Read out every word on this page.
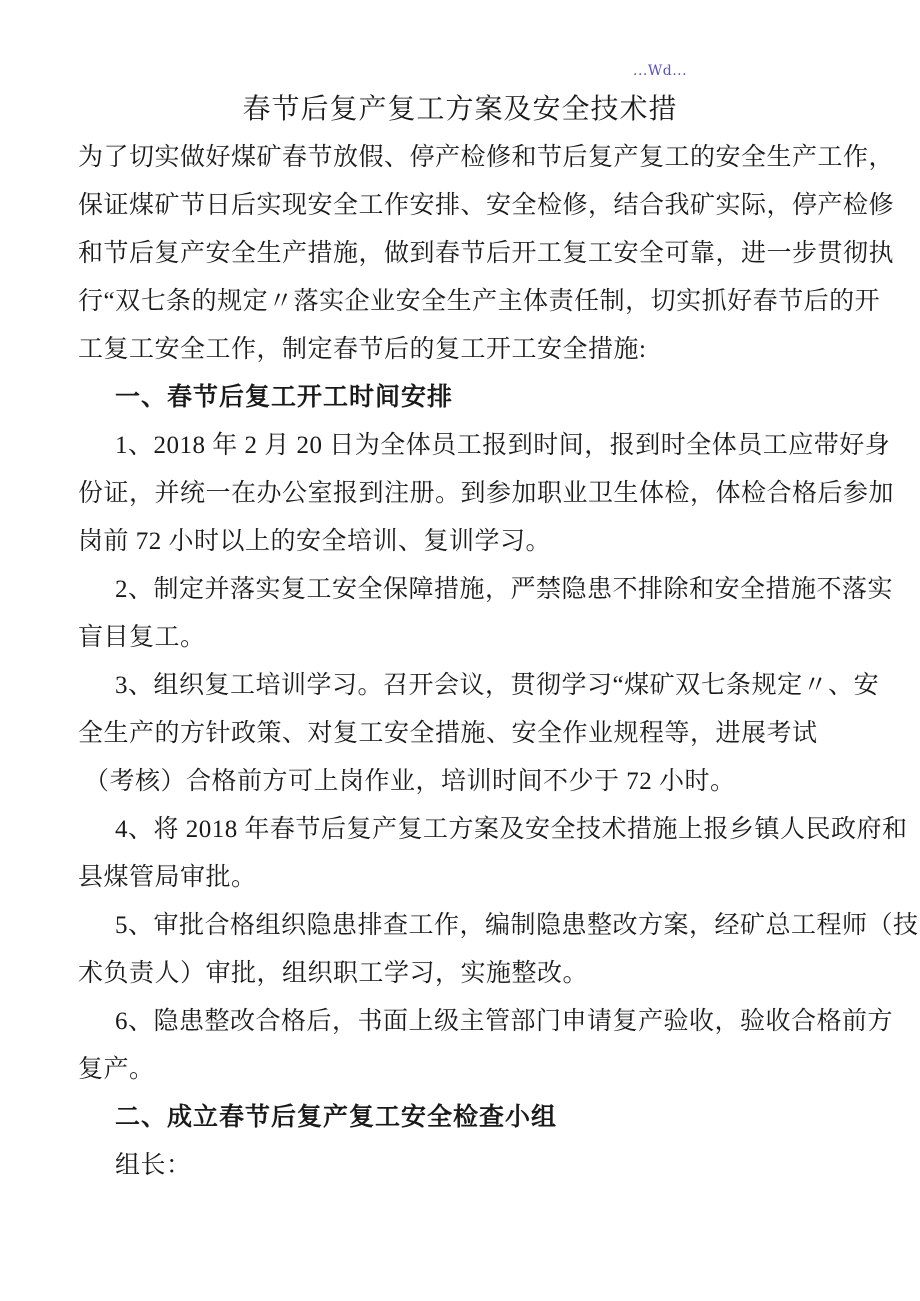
...Wd...
春节后复产复工方案及安全技术措
为了切实做好煤矿春节放假、停产检修和节后复产复工的安全生产工作，
保证煤矿节日后实现安全工作安排、安全检修，结合我矿实际，停产检修
和节后复产安全生产措施，做到春节后开工复工安全可靠，进一步贯彻执
行“双七条的规定〃落实企业安全生产主体责任制，切实抓好春节后的开
工复工安全工作，制定春节后的复工开工安全措施:
一、春节后复工开工时间安排
1、2018 年 2 月 20 日为全体员工报到时间，报到时全体员工应带好身
份证，并统一在办公室报到注册。到参加职业卫生体检，体检合格后参加
岗前 72 小时以上的安全培训、复训学习。
2、制定并落实复工安全保障措施，严禁隐患不排除和安全措施不落实
盲目复工。
3、组织复工培训学习。召开会议，贯彻学习“煤矿双七条规定〃、安
全生产的方针政策、对复工安全措施、安全作业规程等，进展考试
（考核）合格前方可上岗作业，培训时间不少于 72 小时。
4、将 2018 年春节后复产复工方案及安全技术措施上报乡镇人民政府和
县煤管局审批。
5、审批合格组织隐患排查工作，编制隐患整改方案，经矿总工程师（技
术负责人）审批，组织职工学习，实施整改。
6、隐患整改合格后，书面上级主管部门申请复产验收，验收合格前方
复产。
二、成立春节后复产复工安全检查小组
组长：
